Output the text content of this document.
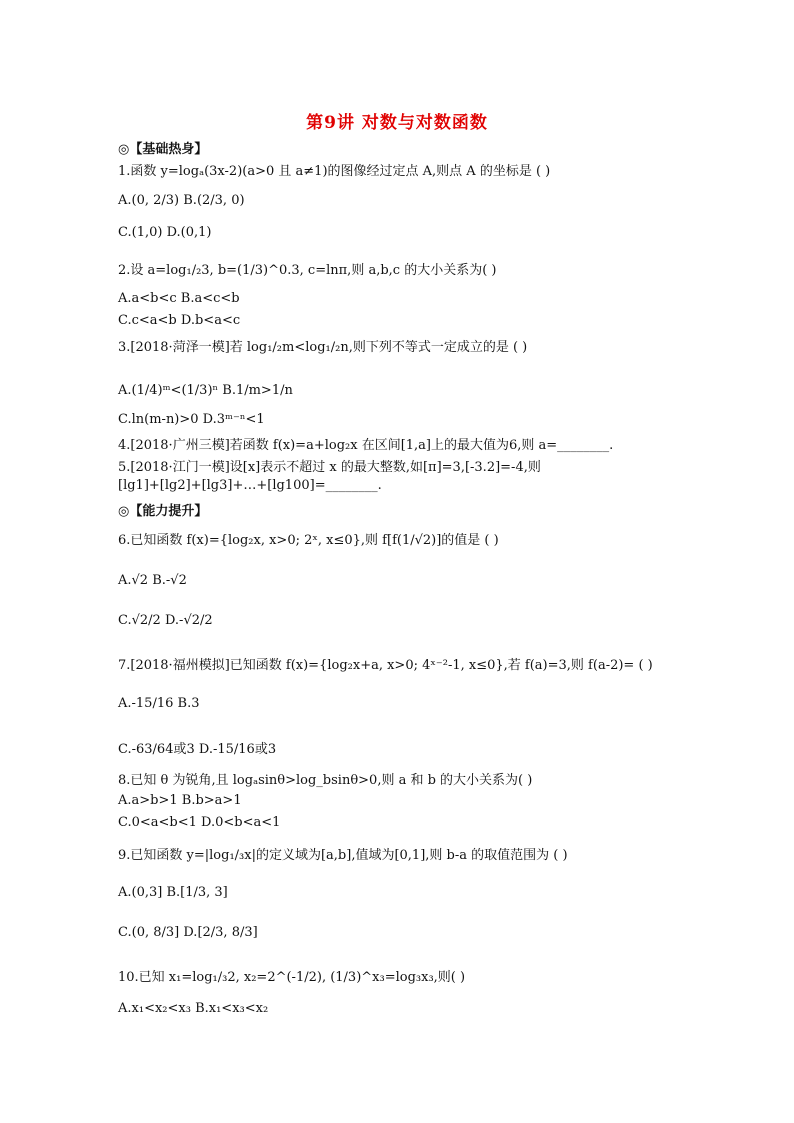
第9讲 对数与对数函数
◎【基础热身】
◎【能力提升】
1.函数 y=logₐ(3x-2)(a>0 且 a≠1)的图像经过定点 A,则点 A 的坐标是 ( )
A.(0, 2/3) B.(2/3, 0)
C.(1,0) D.(0,1)
2.设 a=log₁/₂3, b=(1/3)^0.3, c=lnπ,则 a,b,c 的大小关系为( )
A.a<b<c B.a<c<b
C.c<a<b D.b<a<c
3.[2018·菏泽一模]若 log₁/₂m<log₁/₂n,则下列不等式一定成立的是 ( )
A.(1/4)ᵐ<(1/3)ⁿ B.1/m>1/n
C.ln(m-n)>0 D.3ᵐ⁻ⁿ<1
4.[2018·广州三模]若函数 f(x)=a+log₂x 在区间[1,a]上的最大值为6,则 a=________.
5.[2018·江门一模]设[x]表示不超过 x 的最大整数,如[π]=3,[-3.2]=-4,则
[lg1]+[lg2]+[lg3]+…+[lg100]=________.
6.已知函数 f(x)={log₂x, x>0; 2ˣ, x≤0},则 f[f(1/√2)]的值是 ( )
A.√2 B.-√2
C.√2/2 D.-√2/2
7.[2018·福州模拟]已知函数 f(x)={log₂x+a, x>0; 4ˣ⁻²-1, x≤0},若 f(a)=3,则 f(a-2)= ( )
A.-15/16 B.3
C.-63/64或3 D.-15/16或3
8.已知 θ 为锐角,且 logₐsinθ>log_bsinθ>0,则 a 和 b 的大小关系为( )
A.a>b>1 B.b>a>1
C.0<a<b<1 D.0<b<a<1
9.已知函数 y=|log₁/₃x|的定义域为[a,b],值域为[0,1],则 b-a 的取值范围为 ( )
A.(0,3] B.[1/3, 3]
C.(0, 8/3] D.[2/3, 8/3]
10.已知 x₁=log₁/₃2, x₂=2^(-1/2), (1/3)^x₃=log₃x₃,则( )
A.x₁<x₂<x₃ B.x₁<x₃<x₂
